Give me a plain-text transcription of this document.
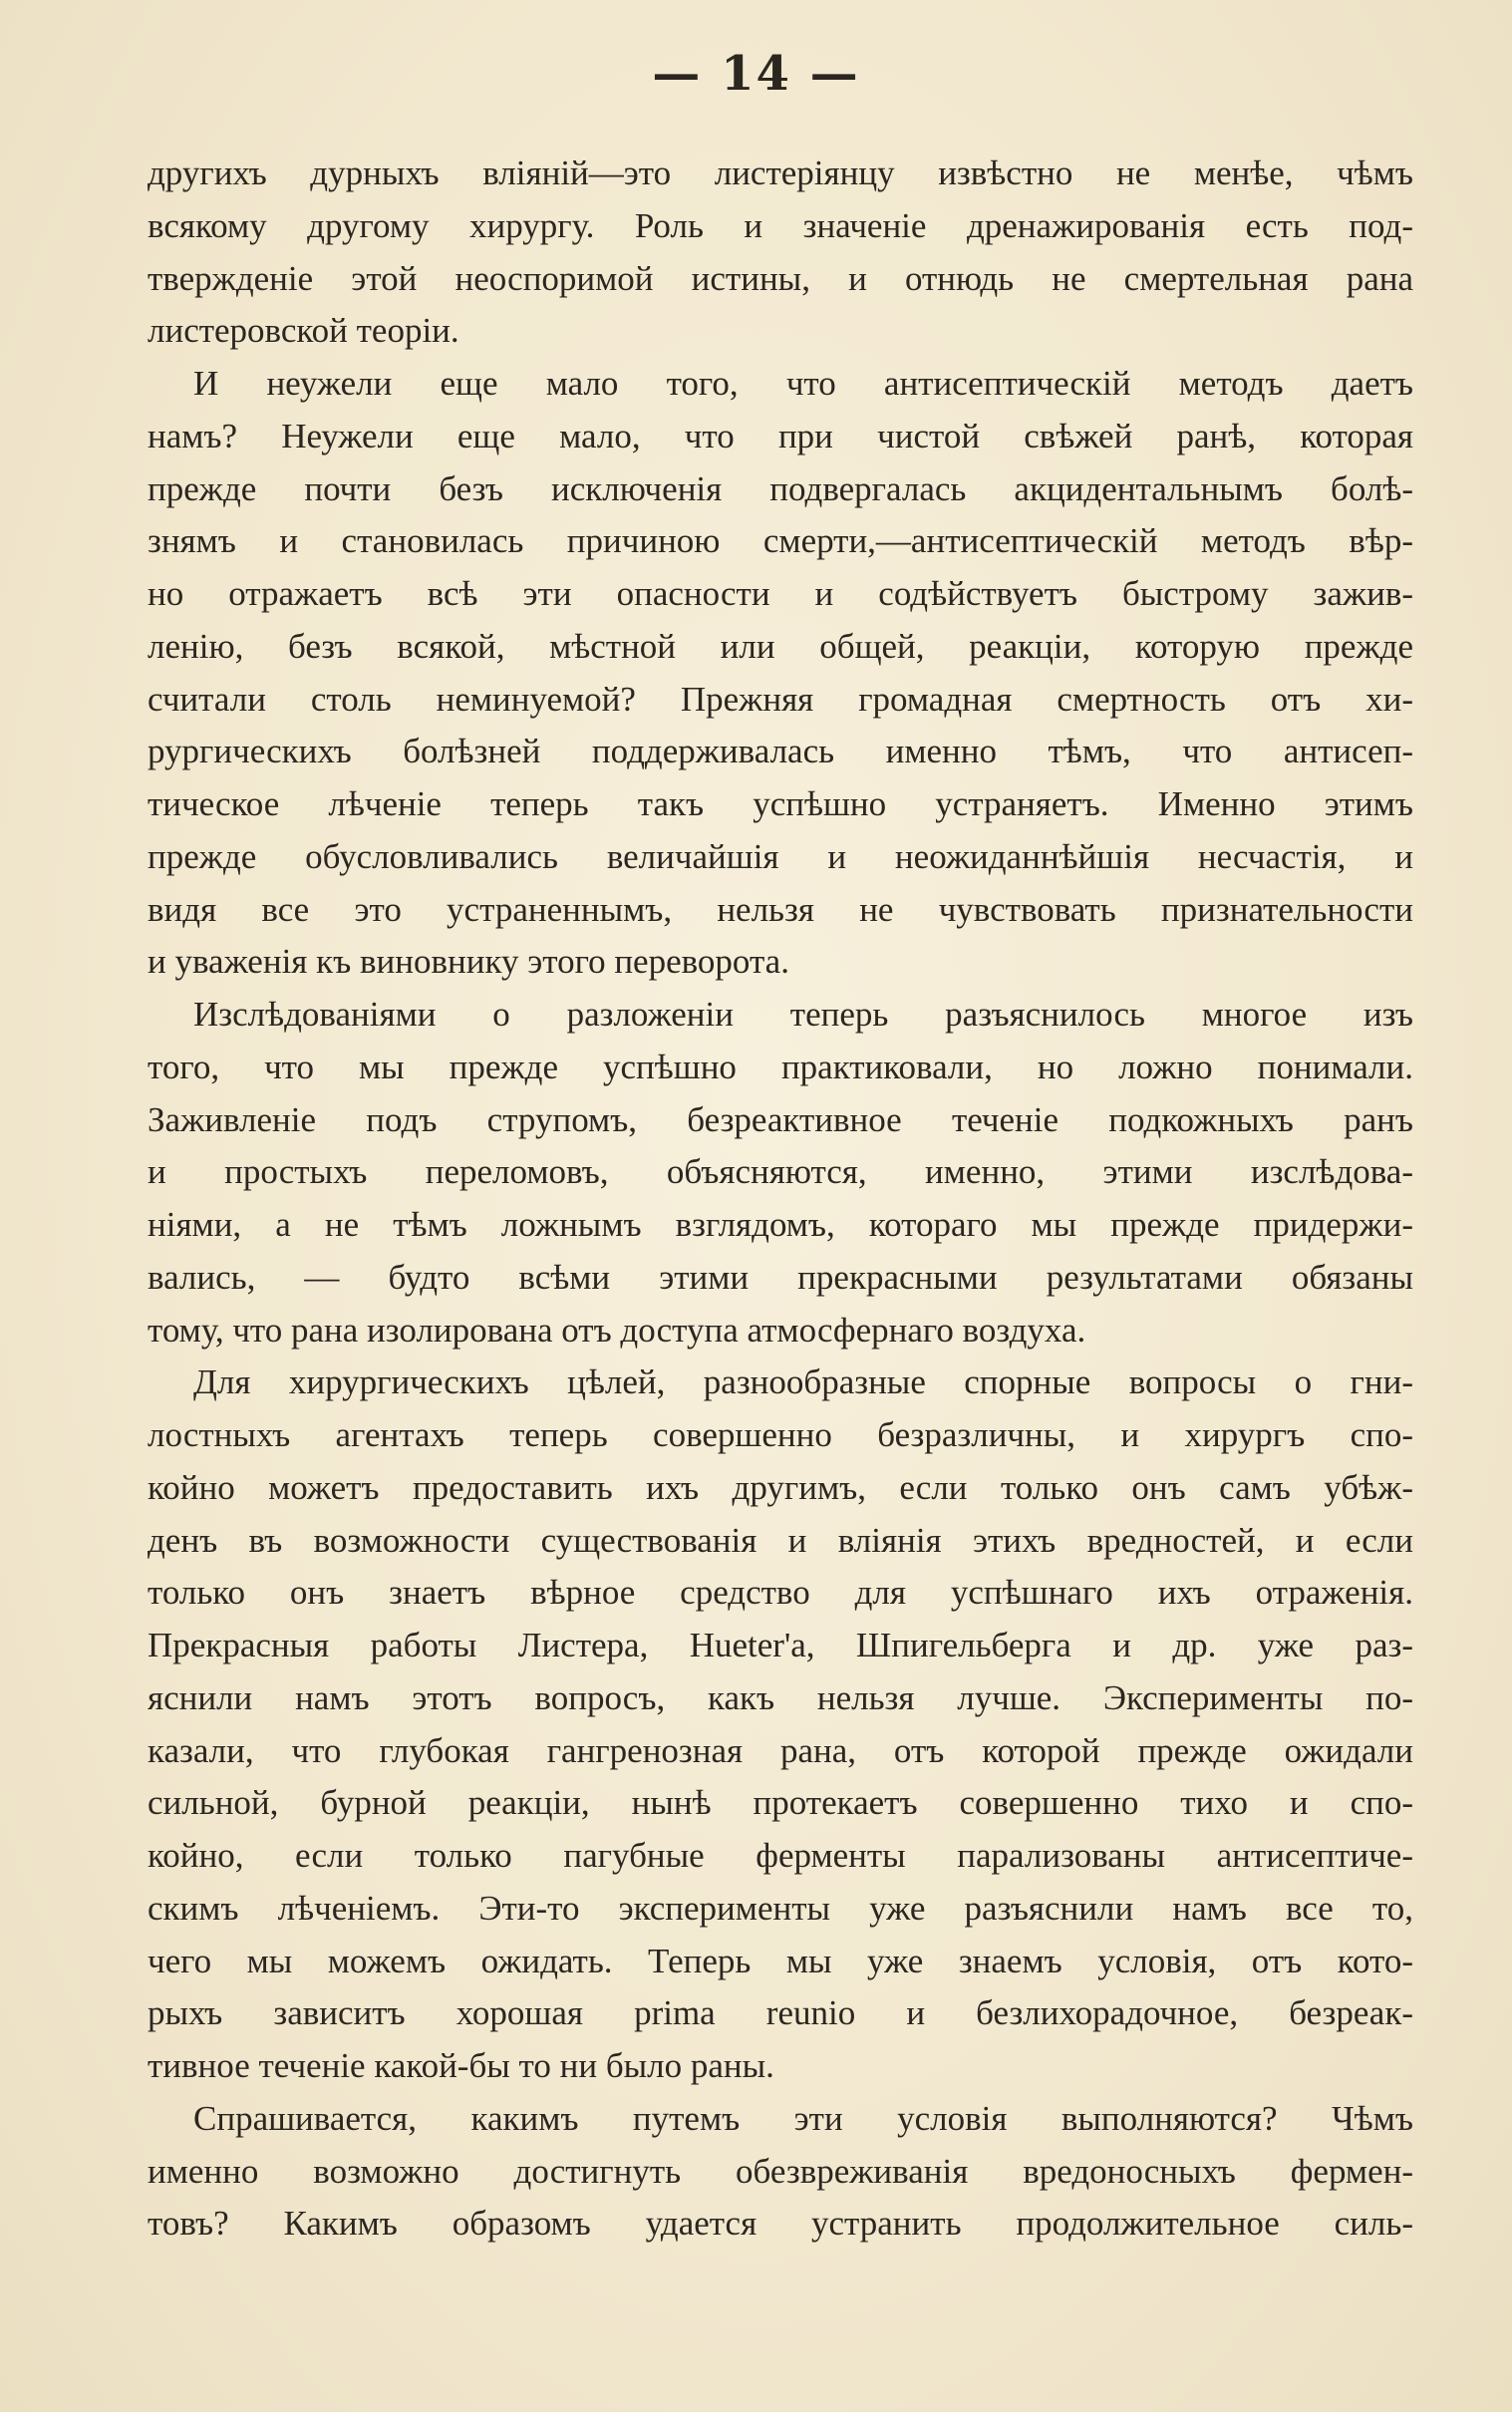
— 14 —
другихъ дурныхъ вліяній—это листеріянцу извѣстно не менѣе, чѣмъ
всякому другому хирургу. Роль и значеніе дренажированія есть под-
твержденіе этой неоспоримой истины, и отнюдь не смертельная рана
листеровской теоріи.
И неужели еще мало того, что антисептическій методъ даетъ
намъ? Неужели еще мало, что при чистой свѣжей ранѣ, которая
прежде почти безъ исключенія подвергалась акцидентальнымъ болѣ-
знямъ и становилась причиною смерти,—антисептическій методъ вѣр-
но отражаетъ всѣ эти опасности и содѣйствуетъ быстрому зажив-
ленію, безъ всякой, мѣстной или общей, реакціи, которую прежде
считали столь неминуемой? Прежняя громадная смертность отъ хи-
рургическихъ болѣзней поддерживалась именно тѣмъ, что антисеп-
тическое лѣченіе теперь такъ успѣшно устраняетъ. Именно этимъ
прежде обусловливались величайшія и неожиданнѣйшія несчастія, и
видя все это устраненнымъ, нельзя не чувствовать признательности
и уваженія къ виновнику этого переворота.
Изслѣдованіями о разложеніи теперь разъяснилось многое изъ
того, что мы прежде успѣшно практиковали, но ложно понимали.
Заживленіе подъ струпомъ, безреактивное теченіе подкожныхъ ранъ
и простыхъ переломовъ, объясняются, именно, этими изслѣдова-
ніями, а не тѣмъ ложнымъ взглядомъ, котораго мы прежде придержи-
вались, — будто всѣми этими прекрасными результатами обязаны
тому, что рана изолирована отъ доступа атмосфернаго воздуха.
Для хирургическихъ цѣлей, разнообразные спорные вопросы о гни-
лостныхъ агентахъ теперь совершенно безразличны, и хирургъ спо-
койно можетъ предоставить ихъ другимъ, если только онъ самъ убѣж-
денъ въ возможности существованія и вліянія этихъ вредностей, и если
только онъ знаетъ вѣрное средство для успѣшнаго ихъ отраженія.
Прекрасныя работы Листера, Hueter'а, Шпигельберга и др. уже раз-
яснили намъ этотъ вопросъ, какъ нельзя лучше. Эксперименты по-
казали, что глубокая гангренозная рана, отъ которой прежде ожидали
сильной, бурной реакціи, нынѣ протекаетъ совершенно тихо и спо-
койно, если только пагубные ферменты парализованы антисептиче-
скимъ лѣченіемъ. Эти-то эксперименты уже разъяснили намъ все то,
чего мы можемъ ожидать. Теперь мы уже знаемъ условія, отъ кото-
рыхъ зависитъ хорошая prima reunio и безлихорадочное, безреак-
тивное теченіе какой-бы то ни было раны.
Спрашивается, какимъ путемъ эти условія выполняются? Чѣмъ
именно возможно достигнуть обезвреживанія вредоносныхъ фермен-
товъ? Какимъ образомъ удается устранить продолжительное силь-
